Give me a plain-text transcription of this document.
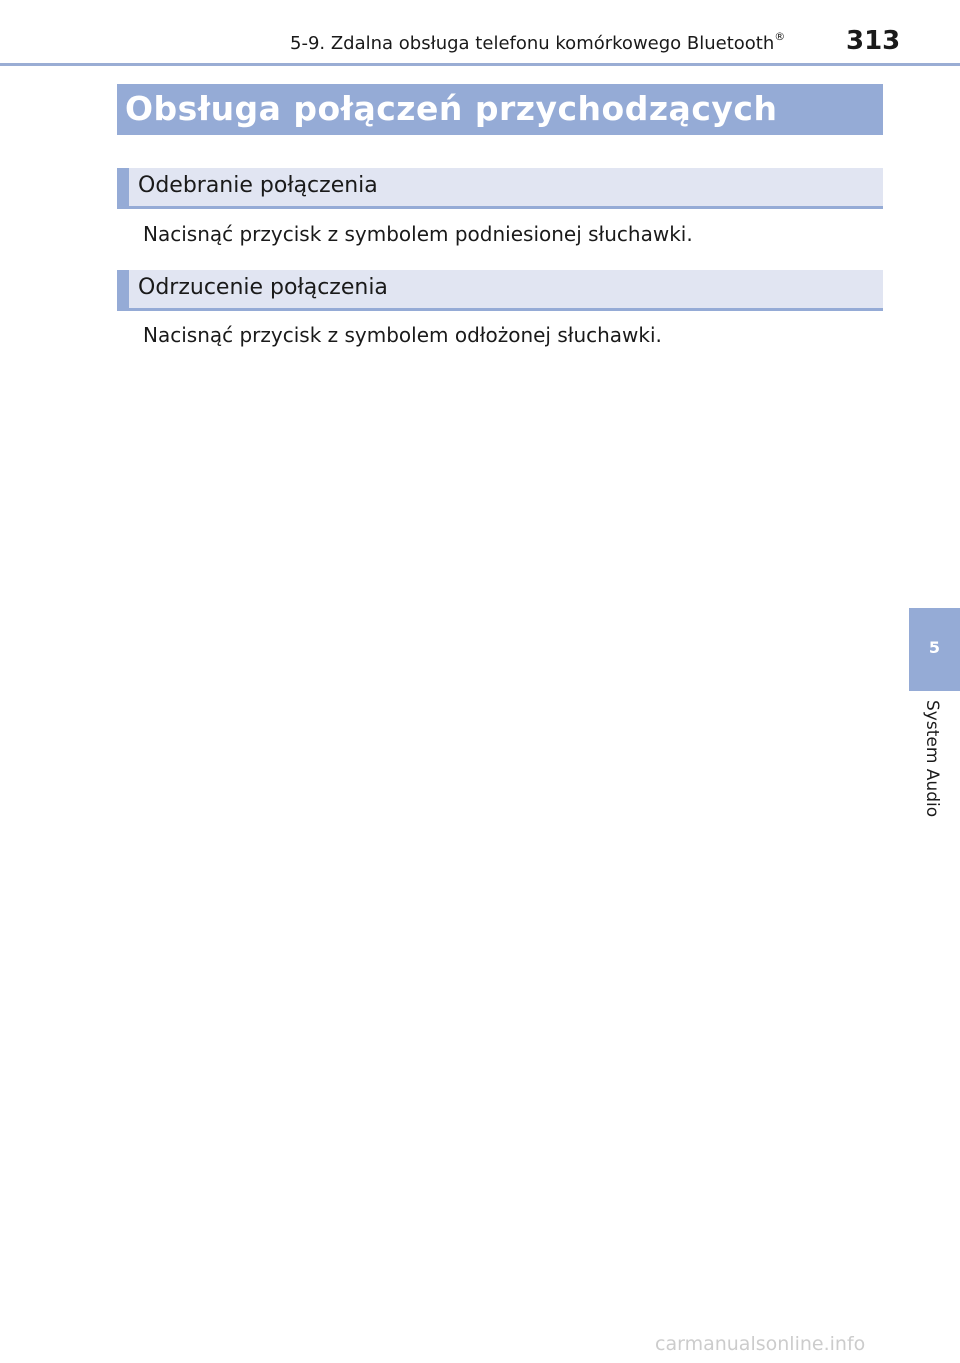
5-9. Zdalna obsługa telefonu komórkowego Bluetooth® 313
Obsługa połączeń przychodzących
Odebranie połączenia
Nacisnąć przycisk z symbolem podniesionej słuchawki.
Odrzucenie połączenia
Nacisnąć przycisk z symbolem odłożonej słuchawki.
5
System Audio
carmanualsonline.info
